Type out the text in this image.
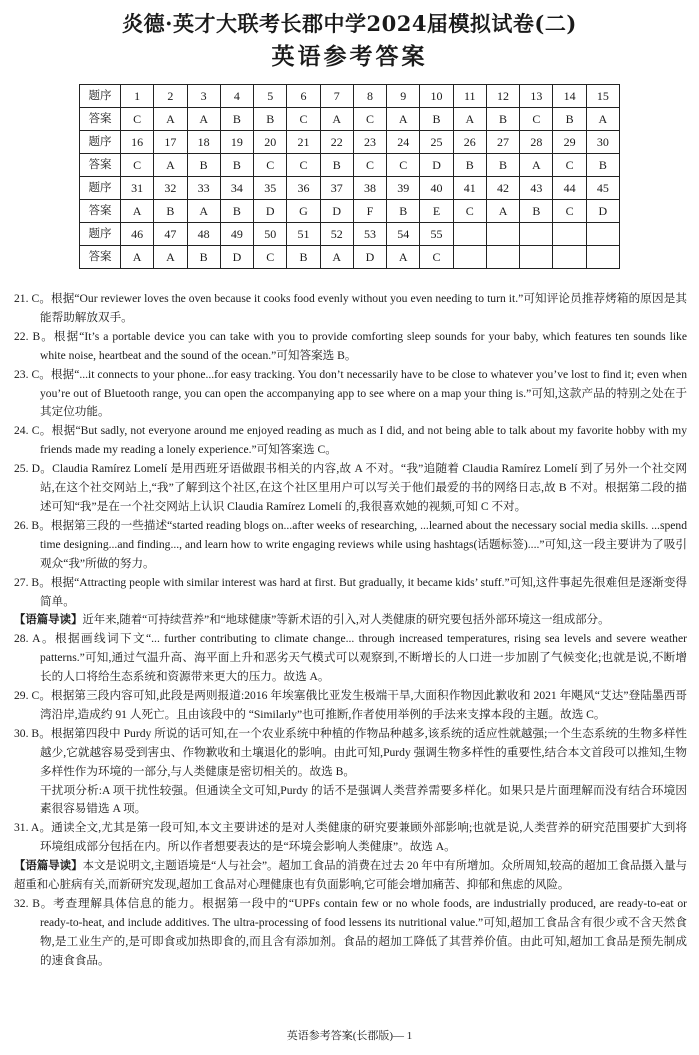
炎德·英才大联考长郡中学2024届模拟试卷(二)
英语参考答案
题序	1	2	3	4	5	6	7	8	9	10	11	12	13	14	15
答案	C	A	A	B	B	C	A	C	A	B	A	B	C	B	A
题序	16	17	18	19	20	21	22	23	24	25	26	27	28	29	30
答案	C	A	B	B	C	C	B	C	C	D	B	B	A	C	B
题序	31	32	33	34	35	36	37	38	39	40	41	42	43	44	45
答案	A	B	A	B	D	G	D	F	B	E	C	A	B	C	D
题序	46	47	48	49	50	51	52	53	54	55					
答案	A	A	B	D	C	B	A	D	A	C					

21. C。根据“Our reviewer loves the oven because it cooks food evenly without you even needing to turn it.”可知评论员推荐烤箱的原因是其能帮助解放双手。

22. B。根据“It’s a portable device you can take with you to provide comforting sleep sounds for your baby, which features ten sounds like white noise, heartbeat and the sound of the ocean.”可知答案选 B。

23. C。根据“...it connects to your phone...for easy tracking. You don’t necessarily have to be close to whatever you’ve lost to find it; even when you’re out of Bluetooth range, you can open the accompanying app to see where on a map your thing is.”可知,这款产品的特别之处在于其定位功能。

24. C。根据“But sadly, not everyone around me enjoyed reading as much as I did, and not being able to talk about my favorite hobby with my friends made my reading a lonely experience.”可知答案选 C。

25. D。Claudia Ramírez Lomelí 是用西班牙语做跟书相关的内容,故 A 不对。“我”追随着 Claudia Ramírez Lomelí 到了另外一个社交网站,在这个社交网站上,“我”了解到这个社区,在这个社区里用户可以写关于他们最爱的书的网络日志,故 B 不对。根据第二段的描述可知“我”是在一个社交网站上认识 Claudia Ramírez Lomelí 的,我很喜欢她的视频,可知 C 不对。

26. B。根据第三段的一些描述“started reading blogs on...after weeks of researching, ...learned about the necessary social media skills. ...spend time designing...and finding..., and learn how to write engaging reviews while using hashtags(话题标签)....”可知,这一段主要讲为了吸引观众“我”所做的努力。

27. B。根据“Attracting people with similar interest was hard at first. But gradually, it became kids’ stuff.”可知,这件事起先很难但是逐渐变得简单。

【语篇导读】近年来,随着“可持续营养”和“地球健康”等新术语的引入,对人类健康的研究要包括外部环境这一组成部分。

28. A。根据画线词下文“... further contributing to climate change... through increased temperatures, rising sea levels and severe weather patterns.”可知,通过气温升高、海平面上升和恶劣天气模式可以观察到,不断增长的人口进一步加剧了气候变化;也就是说,不断增长的人口将给生态系统和资源带来更大的压力。故选 A。

29. C。根据第三段内容可知,此段是两则报道:2016 年埃塞俄比亚发生极端干旱,大面积作物因此歉收和 2021 年飓风“艾达”登陆墨西哥湾沿岸,造成约 91 人死亡。且由该段中的 “Similarly”也可推断,作者使用举例的手法来支撑本段的主题。故选 C。

30. B。根据第四段中 Purdy 所说的话可知,在一个农业系统中种植的作物品种越多,该系统的适应性就越强;一个生态系统的生物多样性越少,它就越容易受到害虫、作物歉收和土壤退化的影响。由此可知,Purdy 强调生物多样性的重要性,结合本文首段可以推知,生物多样性作为环境的一部分,与人类健康是密切相关的。故选 B。

干扰项分析:A 项干扰性较强。但通读全文可知,Purdy 的话不是强调人类营养需要多样化。如果只是片面理解而没有结合环境因素很容易错选 A 项。

31. A。通读全文,尤其是第一段可知,本文主要讲述的是对人类健康的研究要兼顾外部影响;也就是说,人类营养的研究范围要扩大到将环境组成部分包括在内。所以作者想要表达的是“环境会影响人类健康”。故选 A。

【语篇导读】本文是说明文,主题语境是“人与社会”。超加工食品的消费在过去 20 年中有所增加。众所周知,较高的超加工食品摄入量与超重和心脏病有关,而新研究发现,超加工食品对心理健康也有负面影响,它可能会增加痛苦、抑郁和焦虑的风险。

32. B。考查理解具体信息的能力。根据第一段中的“UPFs contain few or no whole foods, are industrially produced, are ready-to-eat or ready-to-heat, and include additives. The ultra-processing of food lessens its nutritional value.”可知,超加工食品含有很少或不含天然食物,是工业生产的,是可即食或加热即食的,而且含有添加剂。食品的超加工降低了其营养价值。由此可知,超加工食品是预先制成的速食食品。

英语参考答案(长郡版)— 1
